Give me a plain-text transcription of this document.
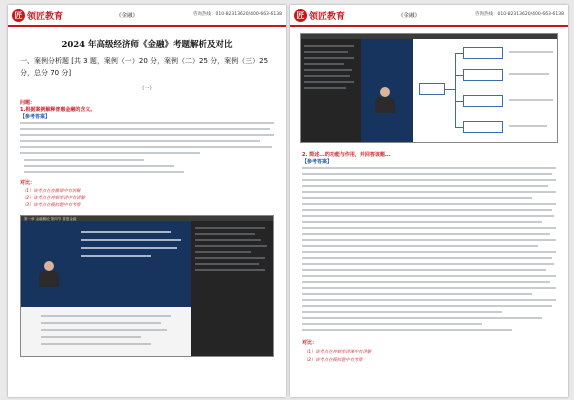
匠 领匠教育	《金融》	咨询热线：010-82313620/400-663-6138
2024 年高级经济师《金融》考题解析及对比
一、案例分析题 [共 3 题，案例（一）20 分，案例（二）25 分，案例（三）25 分，总分 70 分]
（一）
问题：
1.根据案例解释普惠金融的含义。
【参考答案】
对比：
（1）该考点在直播课中有讲解
（2）该考点在冲刺串讲中有讲解
（3）该考点在模拟题中有考察
第一章 金融概论 第四节 普惠金融
匠 领匠教育	《金融》	咨询热线：010-82313620/400-663-6138
2. 简述...的功能与作用，并回答该题...
【参考答案】
对比：
（1）该考点在冲刺串讲课中有讲解
（2）该考点在模拟题中有考察
